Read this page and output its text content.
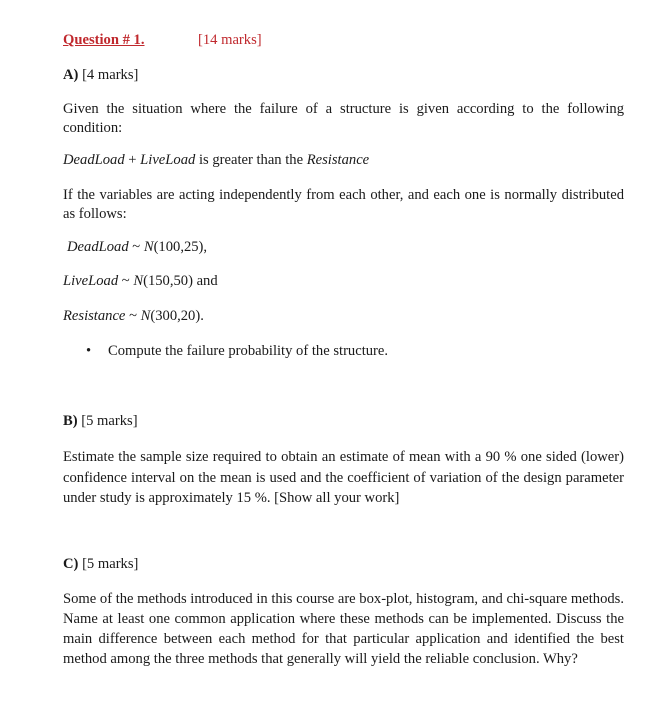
Question # 1.	[14 marks]
A) [4 marks]

Given the situation where the failure of a structure is given according to the following condition:

DeadLoad + LiveLoad is greater than the Resistance

If the variables are acting independently from each other, and each one is normally distributed as follows:

DeadLoad ~ N(100,25),

LiveLoad ~ N(150,50) and

Resistance ~ N(300,20).

• Compute the failure probability of the structure.
B) [5 marks]

Estimate the sample size required to obtain an estimate of mean with a 90 % one sided (lower) confidence interval on the mean is used and the coefficient of variation of the design parameter under study is approximately 15 %. [Show all your work]

C) [5 marks]

Some of the methods introduced in this course are box-plot, histogram, and chi-square methods. Name at least one common application where these methods can be implemented. Discuss the main difference between each method for that particular application and identified the best method among the three methods that generally will yield the reliable conclusion. Why?
